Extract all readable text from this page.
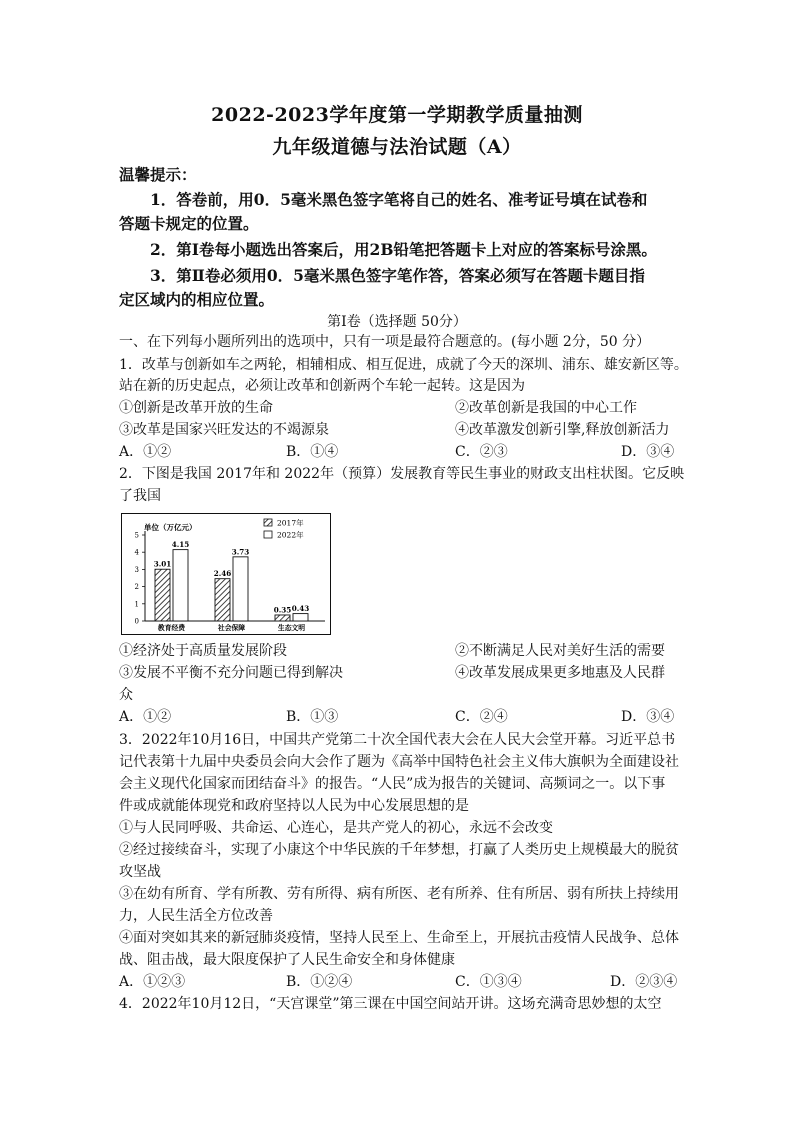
2022-2023学年度第一学期教学质量抽测
九年级道德与法治试题（A）
温馨提示：
1．答卷前，用0．5毫米黑色签字笔将自己的姓名、准考证号填在试卷和
答题卡规定的位置。
2．第Ⅰ卷每小题选出答案后，用2B铅笔把答题卡上对应的答案标号涂黑。
3．第Ⅱ卷必须用0．5毫米黑色签字笔作答，答案必须写在答题卡题目指
定区域内的相应位置。
第Ⅰ卷（选择题 50分）
一、在下列每小题所列出的选项中，只有一项是最符合题意的。(每小题 2分，50 分）
1．改革与创新如车之两轮，相辅相成、相互促进，成就了今天的深圳、浦东、雄安新区等。
站在新的历史起点，必须让改革和创新两个车轮一起转。这是因为
①创新是改革开放的生命	②改革创新是我国的中心工作
③改革是国家兴旺发达的不竭源泉	④改革激发创新引擎,释放创新活力
A．①②	B．①④	C．②③	D．③④
2．下图是我国 2017年和 2022年（预算）发展教育等民生事业的财政支出柱状图。它反映
了我国
单位（万亿元）	2017年
2022年
0
1
2
3
4
5
3.01
4.15
教育经费
2.46
3.73
社会保障
0.35 0.43
生态文明
①经济处于高质量发展阶段	②不断满足人民对美好生活的需要
③发展不平衡不充分问题已得到解决	④改革发展成果更多地惠及人民群
众
A．①②	B．①③	C．②④	D．③④
3．2022年10月16日，中国共产党第二十次全国代表大会在人民大会堂开幕。习近平总书
记代表第十九届中央委员会向大会作了题为《高举中国特色社会主义伟大旗帜为全面建设社
会主义现代化国家而团结奋斗》的报告。“人民”成为报告的关键词、高频词之一。以下事
件或成就能体现党和政府坚持以人民为中心发展思想的是
①与人民同呼吸、共命运、心连心，是共产党人的初心，永远不会改变
②经过接续奋斗，实现了小康这个中华民族的千年梦想，打赢了人类历史上规模最大的脱贫
攻坚战
③在幼有所育、学有所教、劳有所得、病有所医、老有所养、住有所居、弱有所扶上持续用
力，人民生活全方位改善
④面对突如其来的新冠肺炎疫情，坚持人民至上、生命至上，开展抗击疫情人民战争、总体
战、阻击战，最大限度保护了人民生命安全和身体健康
A．①②③	B．①②④	C．①③④	D．②③④
4．2022年10月12日，“天宫课堂”第三课在中国空间站开讲。这场充满奇思妙想的太空
